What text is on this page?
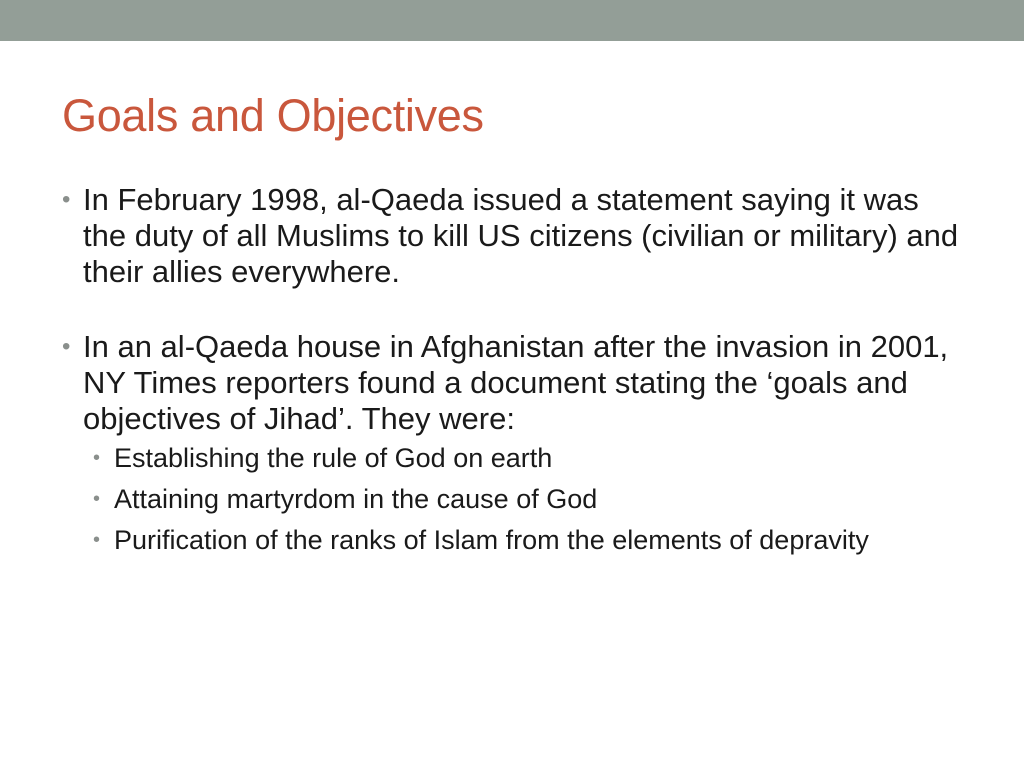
Goals and Objectives
• In February 1998, al-Qaeda issued a statement saying it was the duty of all Muslims to kill US citizens (civilian or military) and their allies everywhere.
• In an al-Qaeda house in Afghanistan after the invasion in 2001, NY Times reporters found a document stating the ‘goals and objectives of Jihad’. They were:
• Establishing the rule of God on earth
• Attaining martyrdom in the cause of God
• Purification of the ranks of Islam from the elements of depravity
